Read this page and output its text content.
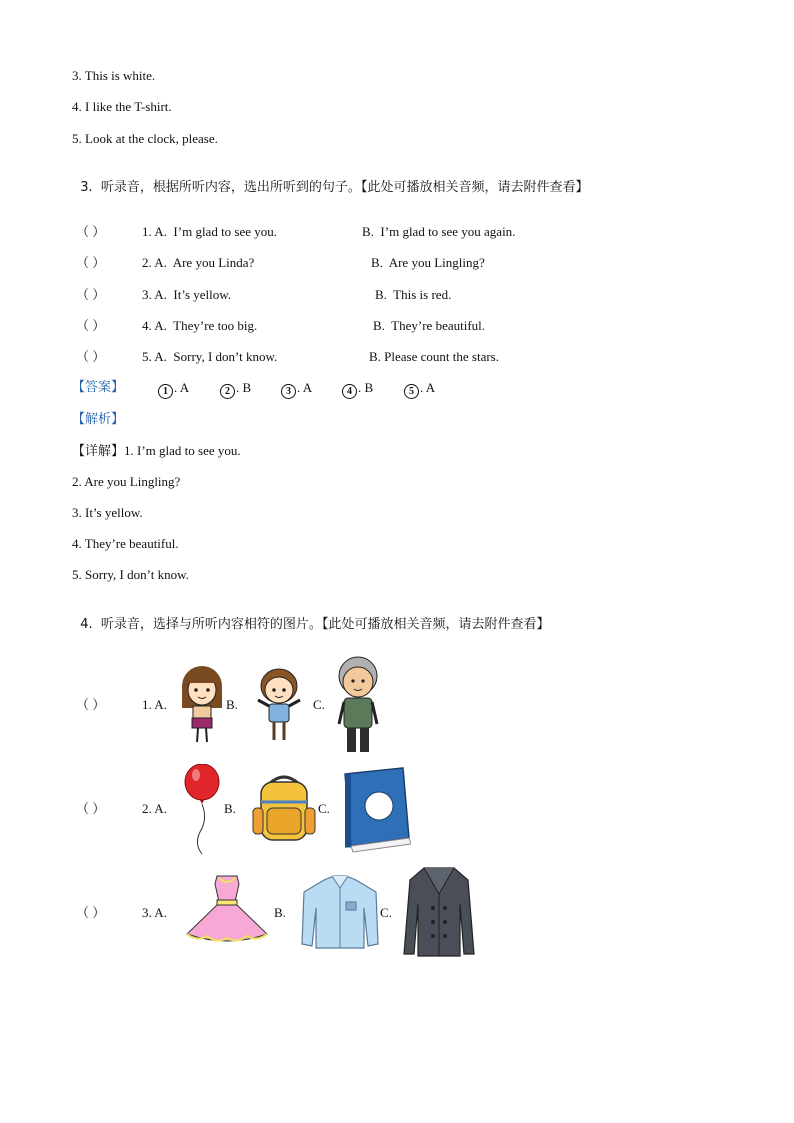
3. This is white.
4. I like the T-shirt.
5. Look at the clock, please.

3.  听录音，根据所听内容，选出所听到的句子。【此处可播放相关音频，请去附件查看】

（ ）	1. A.  I’m glad to see you.	B.  I’m glad to see you again.
（ ）	2. A.  Are you Linda?	B.  Are you Lingling?
（ ）	3. A.  It’s yellow.	B.  This is red.
（ ）	4. A.  They’re too big.	B.  They’re beautiful.
（ ）	5. A.  Sorry, I don’t know.	B. Please count the stars.
【答案】	1 . A	2 . B	3 . A	4 . B	5 . A
【解析】
【详解】1. I’m glad to see you.
2. Are you Lingling?
3. It’s yellow.
4. They’re beautiful.
5. Sorry, I don’t know.

4.  听录音，选择与所听内容相符的图片。【此处可播放相关音频，请去附件查看】

（ ）	1. A.	B.	C.
（ ）	2. A.	B.	C.
（ ）	3. A.	B.	C.
